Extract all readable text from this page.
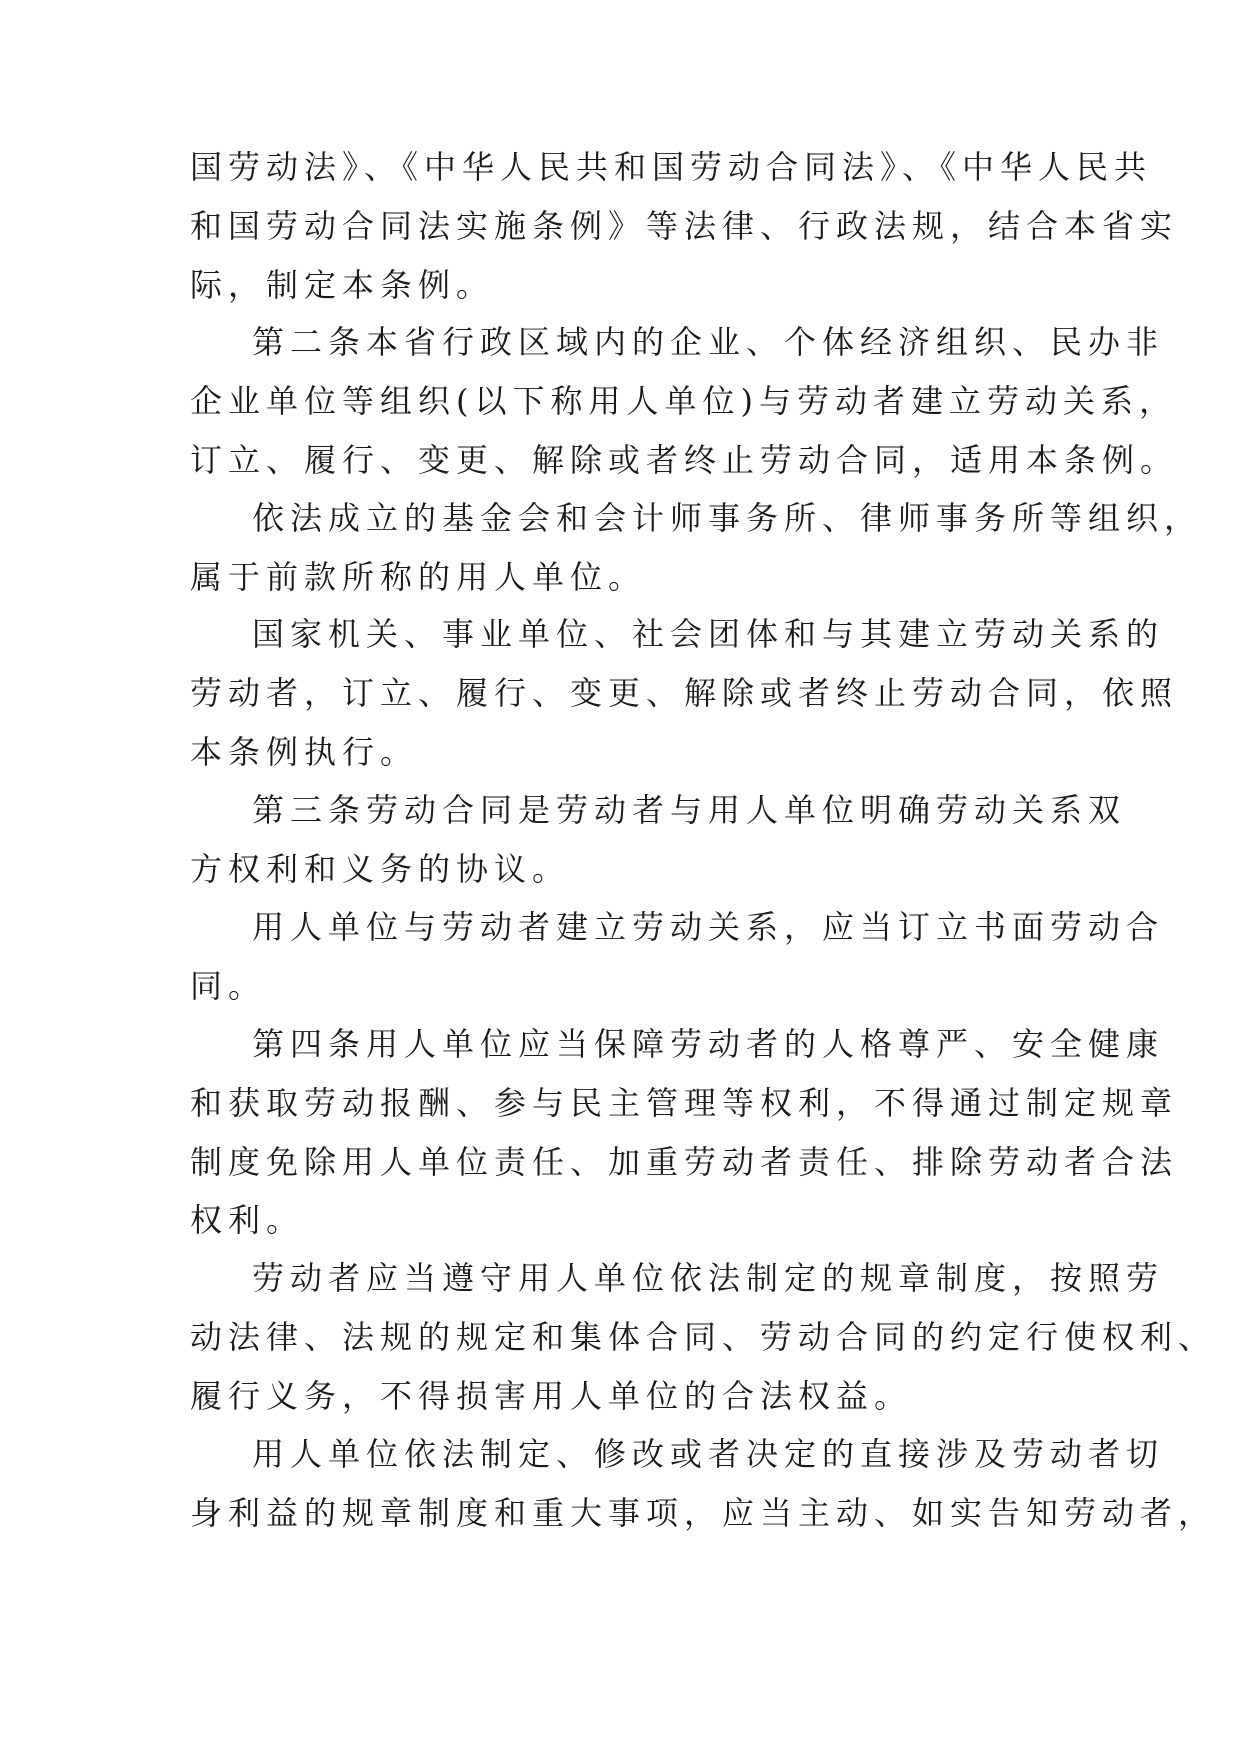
国劳动法》、《中华人民共和国劳动合同法》、《中华人民共
和国劳动合同法实施条例》等法律、行政法规，结合本省实
际，制定本条例。
第二条本省行政区域内的企业、个体经济组织、民办非
企业单位等组织(以下称用人单位)与劳动者建立劳动关系，
订立、履行、变更、解除或者终止劳动合同，适用本条例。
依法成立的基金会和会计师事务所、律师事务所等组织，
属于前款所称的用人单位。
国家机关、事业单位、社会团体和与其建立劳动关系的
劳动者，订立、履行、变更、解除或者终止劳动合同，依照
本条例执行。
第三条劳动合同是劳动者与用人单位明确劳动关系双
方权利和义务的协议。
用人单位与劳动者建立劳动关系，应当订立书面劳动合
同。
第四条用人单位应当保障劳动者的人格尊严、安全健康
和获取劳动报酬、参与民主管理等权利，不得通过制定规章
制度免除用人单位责任、加重劳动者责任、排除劳动者合法
权利。
劳动者应当遵守用人单位依法制定的规章制度，按照劳
动法律、法规的规定和集体合同、劳动合同的约定行使权利、
履行义务，不得损害用人单位的合法权益。
用人单位依法制定、修改或者决定的直接涉及劳动者切
身利益的规章制度和重大事项，应当主动、如实告知劳动者，
